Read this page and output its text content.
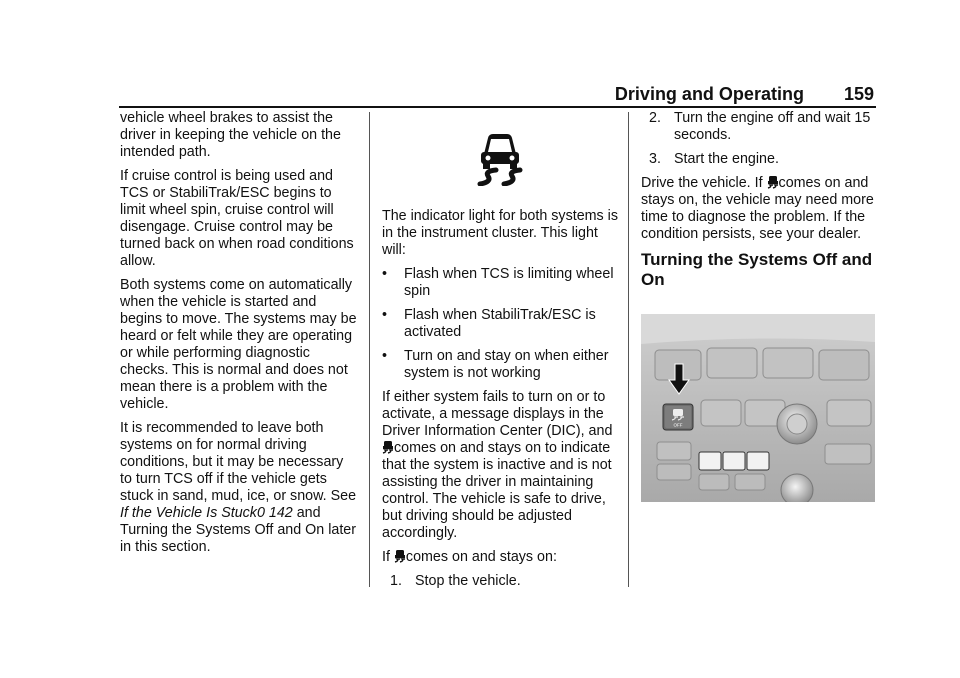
Driving and Operating 159

vehicle wheel brakes to assist the driver in keeping the vehicle on the intended path.

If cruise control is being used and TCS or StabiliTrak/ESC begins to limit wheel spin, cruise control will disengage. Cruise control may be turned back on when road conditions allow.

Both systems come on automatically when the vehicle is started and begins to move. The systems may be heard or felt while they are operating or while performing diagnostic checks. This is normal and does not mean there is a problem with the vehicle.

It is recommended to leave both systems on for normal driving conditions, but it may be necessary to turn TCS off if the vehicle gets stuck in sand, mud, ice, or snow. See If the Vehicle Is Stuck0 142 and Turning the Systems Off and On later in this section.

The indicator light for both systems is in the instrument cluster. This light will:

•	Flash when TCS is limiting wheel spin
•	Flash when StabiliTrak/ESC is activated
•	Turn on and stay on when either system is not working

If either system fails to turn on or to activate, a message displays in the Driver Information Center (DIC), and comes on and stays on to indicate that the system is inactive and is not assisting the driver in maintaining control. The vehicle is safe to drive, but driving should be adjusted accordingly.

If comes on and stays on:

1. Stop the vehicle.
2. Turn the engine off and wait 15 seconds.
3. Start the engine.

Drive the vehicle. If comes on and stays on, the vehicle may need more time to diagnose the problem. If the condition persists, see your dealer.

Turning the Systems Off and On
OFF
